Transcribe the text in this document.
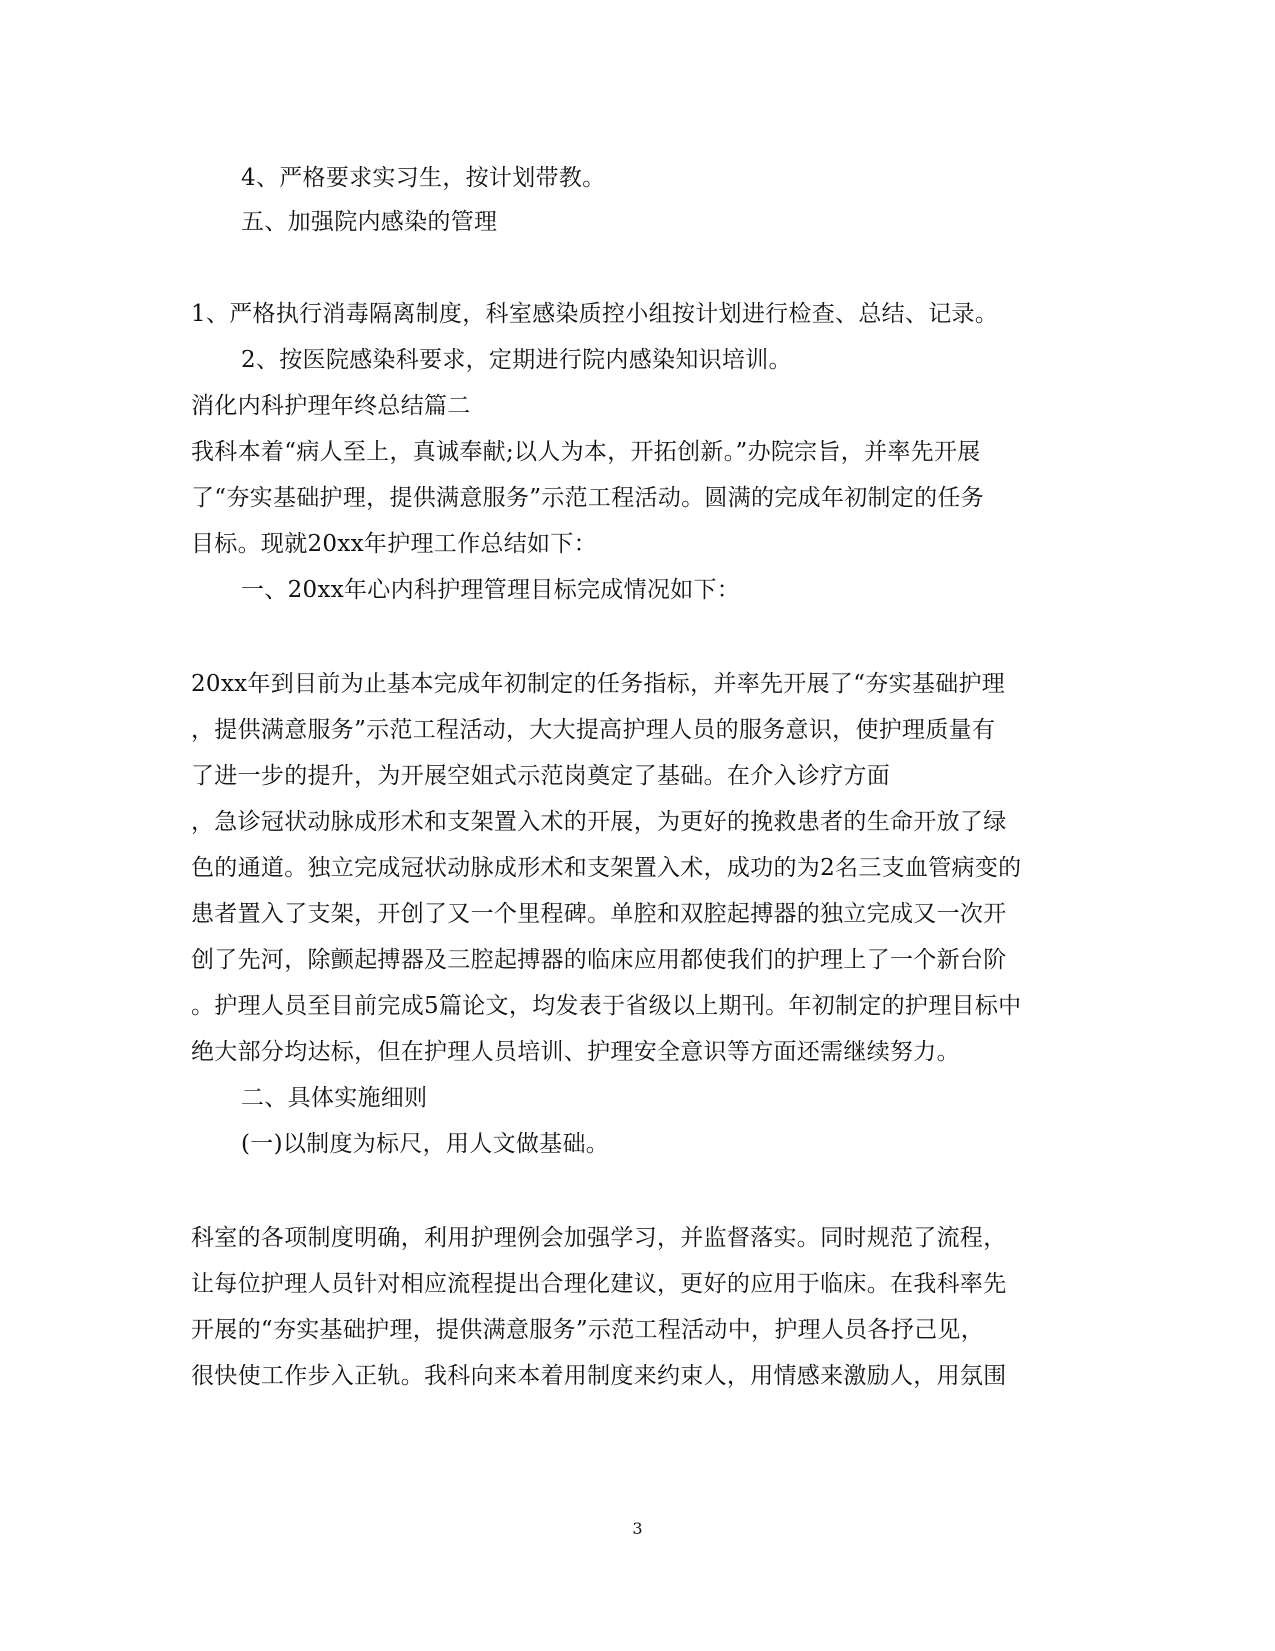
4、严格要求实习生，按计划带教。
五、加强院内感染的管理
1、严格执行消毒隔离制度，科室感染质控小组按计划进行检查、总结、记录。
2、按医院感染科要求，定期进行院内感染知识培训。
消化内科护理年终总结篇二
我科本着“病人至上，真诚奉献;以人为本，开拓创新。”办院宗旨，并率先开展
了“夯实基础护理，提供满意服务”示范工程活动。圆满的完成年初制定的任务
目标。现就20xx年护理工作总结如下：
一、20xx年心内科护理管理目标完成情况如下：
20xx年到目前为止基本完成年初制定的任务指标，并率先开展了“夯实基础护理
，提供满意服务”示范工程活动，大大提高护理人员的服务意识，使护理质量有
了进一步的提升，为开展空姐式示范岗奠定了基础。在介入诊疗方面
，急诊冠状动脉成形术和支架置入术的开展，为更好的挽救患者的生命开放了绿
色的通道。独立完成冠状动脉成形术和支架置入术，成功的为2名三支血管病变的
患者置入了支架，开创了又一个里程碑。单腔和双腔起搏器的独立完成又一次开
创了先河，除颤起搏器及三腔起搏器的临床应用都使我们的护理上了一个新台阶
。护理人员至目前完成5篇论文，均发表于省级以上期刊。年初制定的护理目标中
绝大部分均达标，但在护理人员培训、护理安全意识等方面还需继续努力。
二、具体实施细则
(一)以制度为标尺，用人文做基础。
科室的各项制度明确，利用护理例会加强学习，并监督落实。同时规范了流程，
让每位护理人员针对相应流程提出合理化建议，更好的应用于临床。在我科率先
开展的“夯实基础护理，提供满意服务”示范工程活动中，护理人员各抒己见，
很快使工作步入正轨。我科向来本着用制度来约束人，用情感来激励人，用氛围
3
